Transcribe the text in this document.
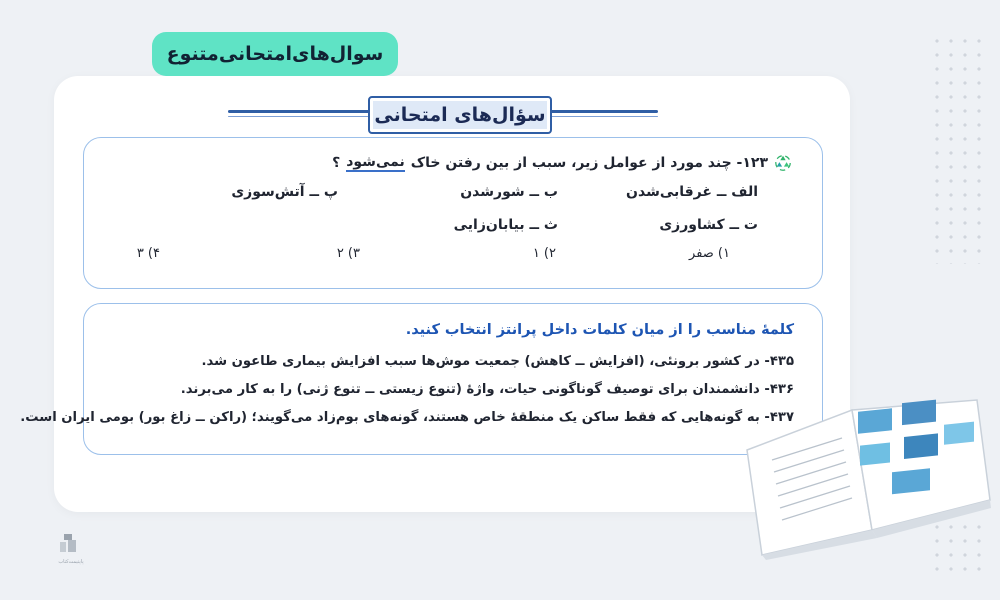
سوال‌های‌امتحانی‌متنوع
سؤال‌های امتحانی
۱۲۳- چند مورد از عوامل زیر، سبب از بین رفتن خاک
نمی‌شود
؟
الف ــ غرقابی‌شدن
ب ــ شورشدن
پ ــ آتش‌سوزی
ت ــ کشاورزی
ث ــ بیابان‌زایی
۱) صفر
۲) ۱
۳) ۲
۴) ۳
کلمهٔ مناسب را از میان کلمات داخل پرانتز انتخاب کنید.
۴۳۵- در کشور برونئی، (افزایش ــ کاهش) جمعیت موش‌ها سبب افزایش بیماری طاعون شد.
۴۳۶- دانشمندان برای توصیف گوناگونی حیات، واژهٔ (تنوع زیستی ــ تنوع ژنی) را به کار می‌برند.
۴۳۷- به گونه‌هایی که فقط ساکن یک منطقهٔ خاص هستند، گونه‌های بوم‌زاد می‌گویند؛ (راکن ــ زاغ بور) بومی ایران است.
پاپتیمت‌کتاب
